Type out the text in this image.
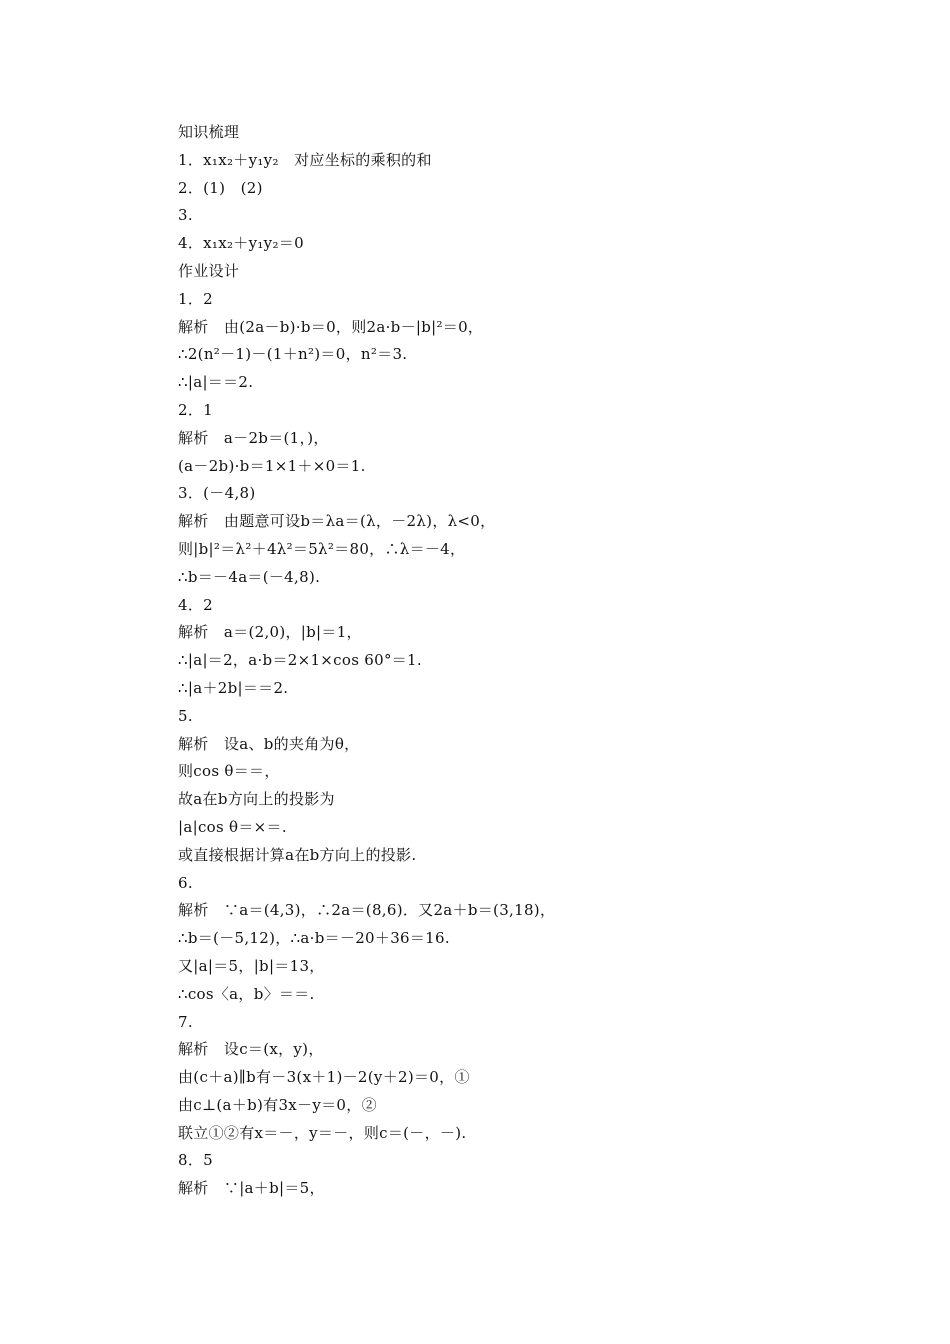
知识梳理
1．x₁x₂＋y₁y₂　对应坐标的乘积的和
2．(1)　(2)
3.
4．x₁x₂＋y₁y₂＝0
作业设计
1．2
解析　由(2a－b)·b＝0，则2a·b－|b|²＝0，
∴2(n²－1)－(1＋n²)＝0，n²＝3.
∴|a|＝＝2.
2．1
解析　a－2b＝(1，)，
(a－2b)·b＝1×1＋×0＝1.
3．(－4,8)
解析　由题意可设b＝λa＝(λ，－2λ)，λ<0，
则|b|²＝λ²＋4λ²＝5λ²＝80，∴λ＝－4，
∴b＝－4a＝(－4,8).
4．2
解析　a＝(2,0)，|b|＝1，
∴|a|＝2，a·b＝2×1×cos 60°＝1.
∴|a＋2b|＝＝2.
5.
解析　设a、b的夹角为θ，
则cos θ＝＝，
故a在b方向上的投影为
|a|cos θ＝×＝.
或直接根据计算a在b方向上的投影.
6.
解析　∵a＝(4,3)，∴2a＝(8,6)．又2a＋b＝(3,18)，
∴b＝(－5,12)，∴a·b＝－20＋36＝16.
又|a|＝5，|b|＝13，
∴cos〈a，b〉＝＝.
7.
解析　设c＝(x，y)，
由(c＋a)∥b有－3(x＋1)－2(y＋2)＝0，①
由c⊥(a＋b)有3x－y＝0，②
联立①②有x＝－，y＝－，则c＝(－，－).
8．5
解析　∵|a＋b|＝5，
